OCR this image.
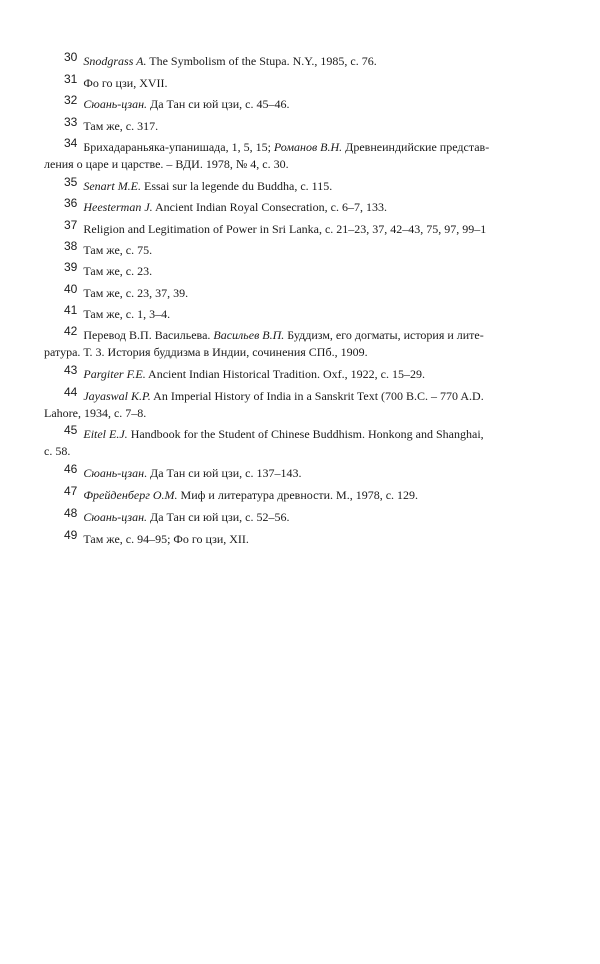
30 Snodgrass A. The Symbolism of the Stupa. N.Y., 1985, c. 76.
31 Фо го цзи, XVII.
32 Сюань-цзан. Да Тан си юй цзи, с. 45–46.
33 Там же, с. 317.
34 Брихадараньяка-упанишада, 1, 5, 15; Романов В.Н. Древнеиндийские представ-
ления о царе и царстве. – ВДИ. 1978, № 4, с. 30.
35 Senart M.E. Essai sur la legende du Buddha, c. 115.
36 Heesterman J. Ancient Indian Royal Consecration, c. 6–7, 133.
37 Religion and Legitimation of Power in Sri Lanka, c. 21–23, 37, 42–43, 75, 97, 99–1
38 Там же, с. 75.
39 Там же, с. 23.
40 Там же, с. 23, 37, 39.
41 Там же, с. 1, 3–4.
42 Перевод В.П. Васильева. Васильев В.П. Буддизм, его догматы, история и лите-
ратура. Т. 3. История буддизма в Индии, сочинения СПб., 1909.
43 Pargiter F.E. Ancient Indian Historical Tradition. Oxf., 1922, c. 15–29.
44 Jayaswal K.P. An Imperial History of India in a Sanskrit Text (700 B.C. – 770 A.D.
Lahore, 1934, c. 7–8.
45 Eitel E.J. Handbook for the Student of Chinese Buddhism. Honkong and Shanghai,
c. 58.
46 Сюань-цзан. Да Тан си юй цзи, с. 137–143.
47 Фрейденберг О.М. Миф и литература древности. М., 1978, с. 129.
48 Сюань-цзан. Да Тан си юй цзи, с. 52–56.
49 Там же, с. 94–95; Фо го цзи, XII.
